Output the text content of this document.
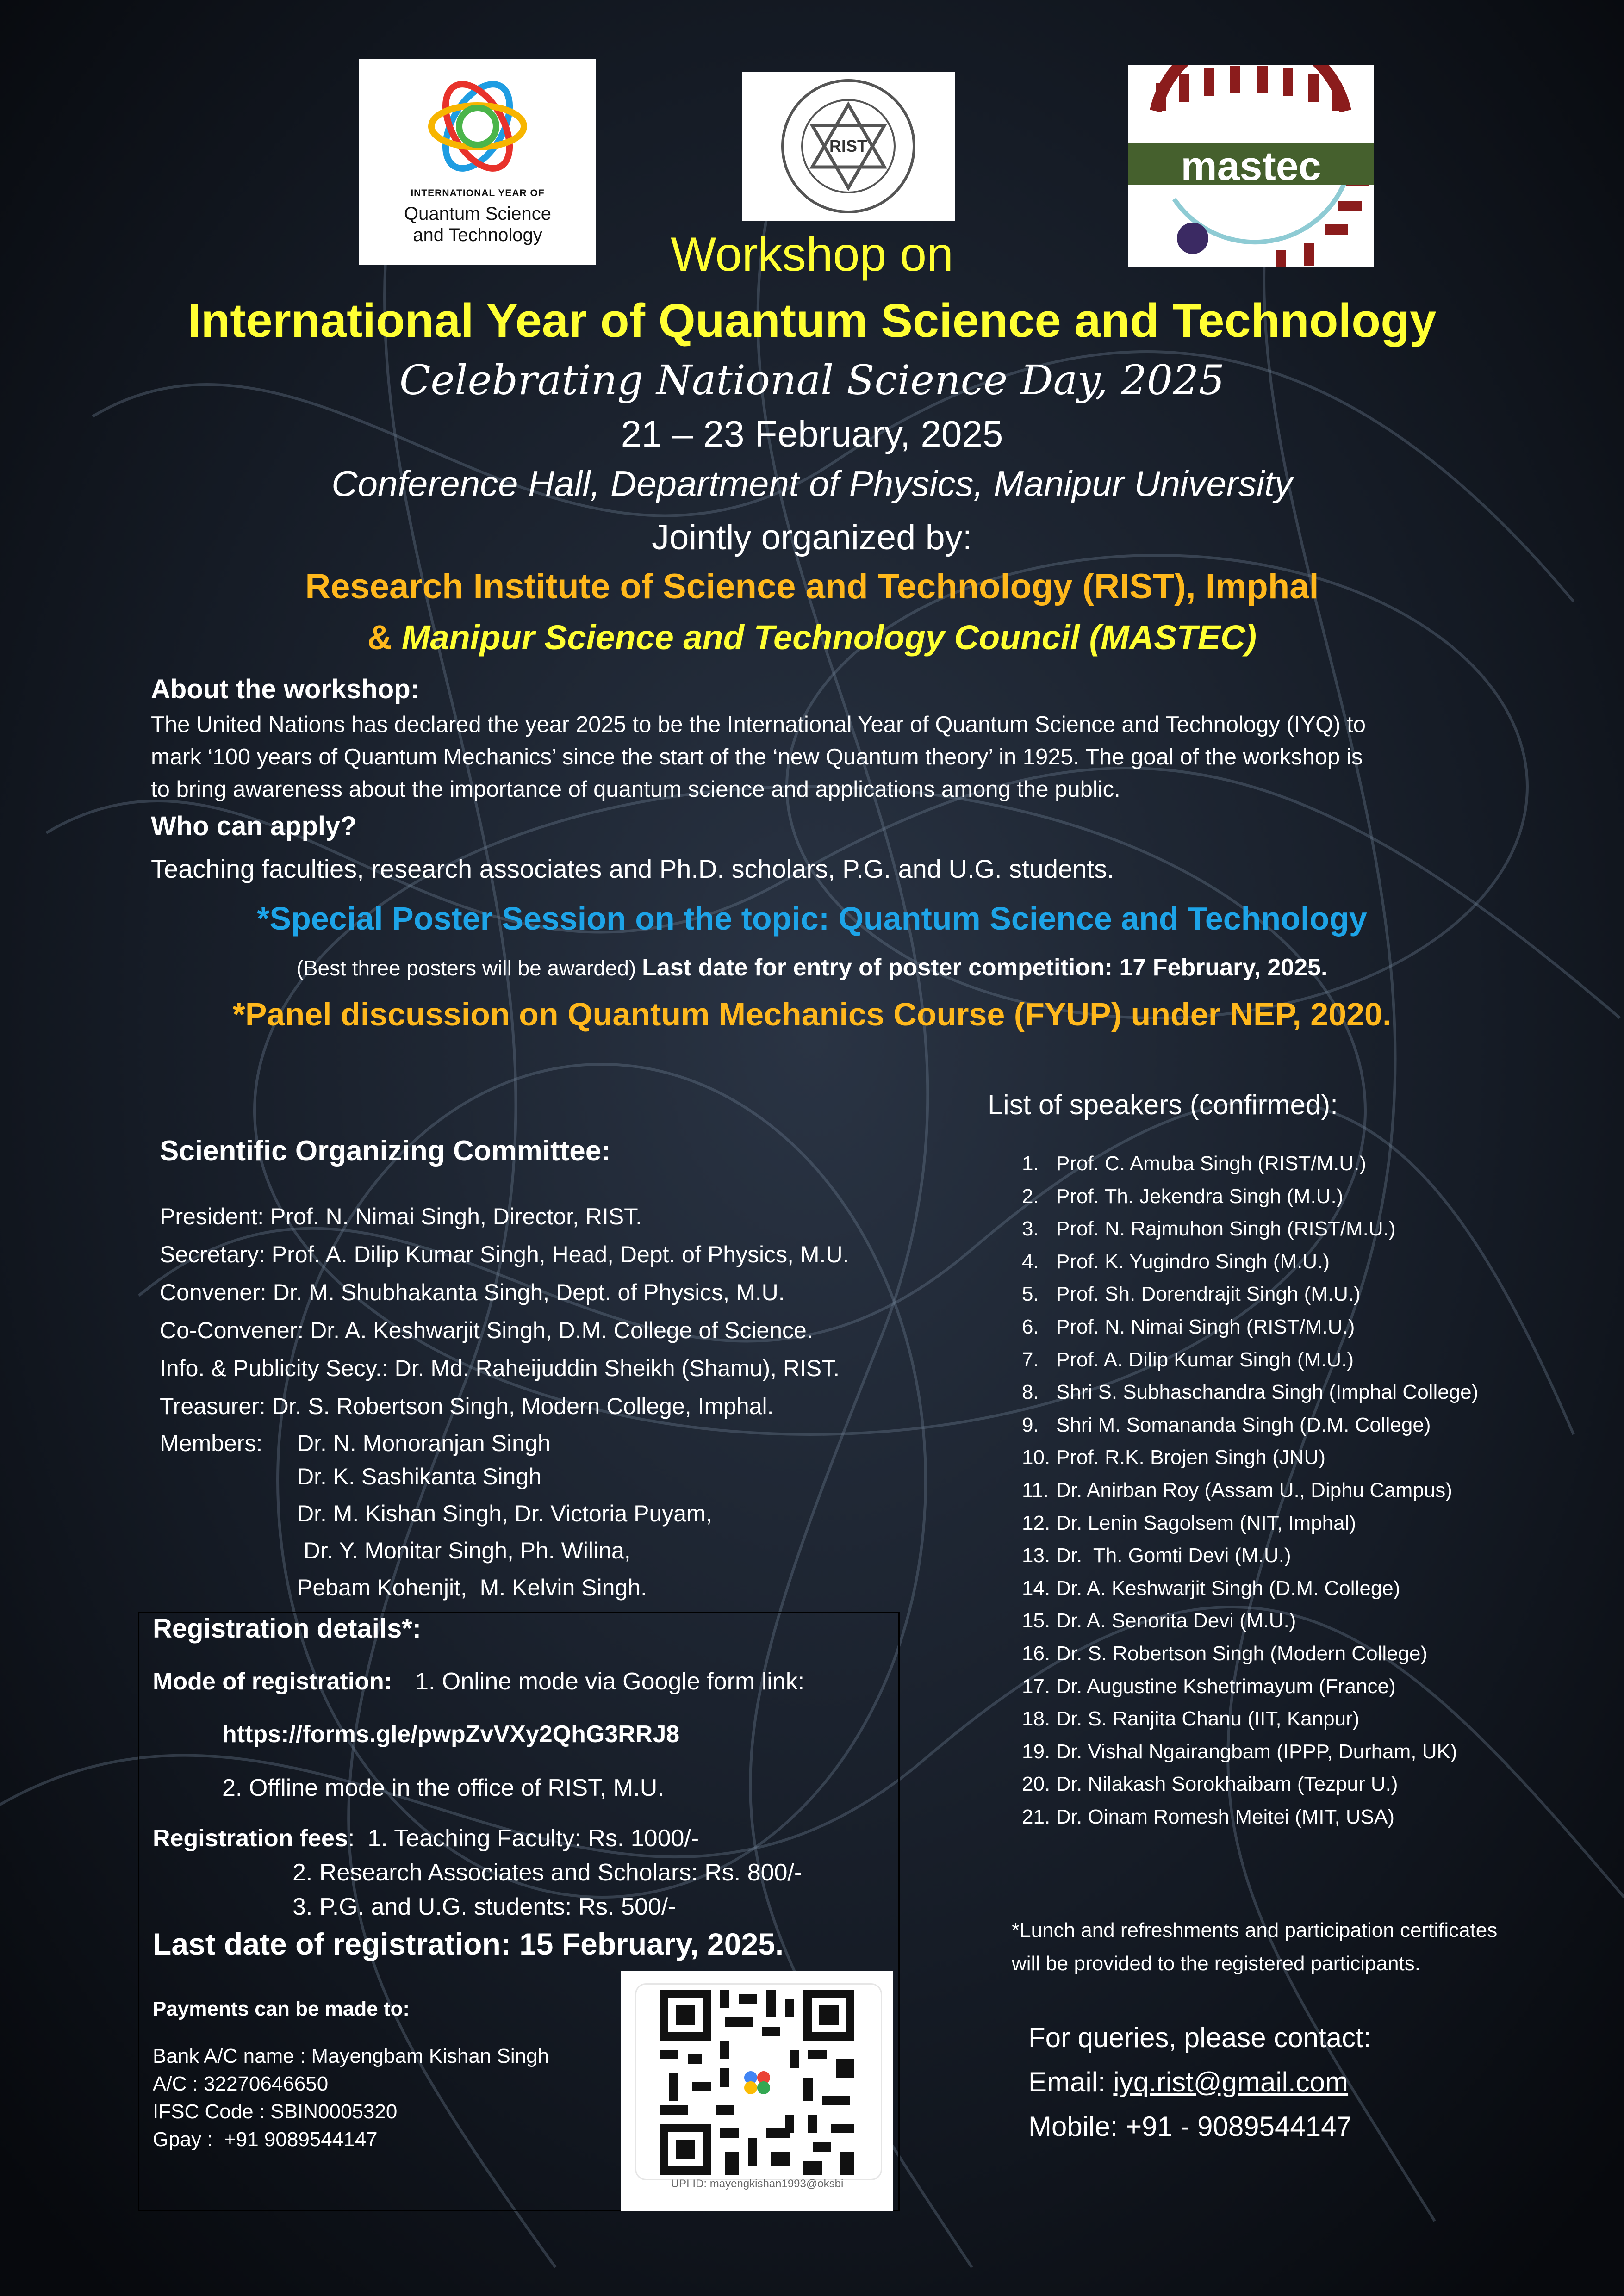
INTERNATIONAL YEAR OF
Quantum Science
and Technology
RIST	mastec
Workshop on
International Year of Quantum Science and Technology
Celebrating National Science Day, 2025
21 – 23 February, 2025
Conference Hall, Department of Physics, Manipur University
Jointly organized by:
Research Institute of Science and Technology (RIST), Imphal
& Manipur Science and Technology Council (MASTEC)
About the workshop:
The United Nations has declared the year 2025 to be the International Year of Quantum Science and Technology (IYQ) to
mark ‘100 years of Quantum Mechanics’ since the start of the ‘new Quantum theory’ in 1925. The goal of the workshop is
to bring awareness about the importance of quantum science and applications among the public.
Who can apply?
Teaching faculties, research associates and Ph.D. scholars, P.G. and U.G. students.
*Special Poster Session on the topic: Quantum Science and Technology
(Best three posters will be awarded) Last date for entry of poster competition: 17 February, 2025.
*Panel discussion on Quantum Mechanics Course (FYUP) under NEP, 2020.
Scientific Organizing Committee:
President: Prof. N. Nimai Singh, Director, RIST.
Secretary: Prof. A. Dilip Kumar Singh, Head, Dept. of Physics, M.U.
Convener: Dr. M. Shubhakanta Singh, Dept. of Physics, M.U.
Co-Convener: Dr. A. Keshwarjit Singh, D.M. College of Science.
Info. & Publicity Secy.: Dr. Md. Raheijuddin Sheikh (Shamu), RIST.
Treasurer: Dr. S. Robertson Singh, Modern College, Imphal.
Members: Dr. N. Monoranjan Singh
Dr. K. Sashikanta Singh
Dr. M. Kishan Singh, Dr. Victoria Puyam,
Dr. Y. Monitar Singh, Ph. Wilina,
Pebam Kohenjit,  M. Kelvin Singh.
List of speakers (confirmed):
1. Prof. C. Amuba Singh (RIST/M.U.)
2. Prof. Th. Jekendra Singh (M.U.)
3. Prof. N. Rajmuhon Singh (RIST/M.U.)
4. Prof. K. Yugindro Singh (M.U.)
5. Prof. Sh. Dorendrajit Singh (M.U.)
6. Prof. N. Nimai Singh (RIST/M.U.)
7. Prof. A. Dilip Kumar Singh (M.U.)
8. Shri S. Subhaschandra Singh (Imphal College)
9. Shri M. Somananda Singh (D.M. College)
10. Prof. R.K. Brojen Singh (JNU)
11. Dr. Anirban Roy (Assam U., Diphu Campus)
12. Dr. Lenin Sagolsem (NIT, Imphal)
13. Dr.  Th. Gomti Devi (M.U.)
14. Dr. A. Keshwarjit Singh (D.M. College)
15. Dr. A. Senorita Devi (M.U.)
16. Dr. S. Robertson Singh (Modern College)
17. Dr. Augustine Kshetrimayum (France)
18. Dr. S. Ranjita Chanu (IIT, Kanpur)
19. Dr. Vishal Ngairangbam (IPPP, Durham, UK)
20. Dr. Nilakash Sorokhaibam (Tezpur U.)
21. Dr. Oinam Romesh Meitei (MIT, USA)
Registration details*:
Mode of registration: 1. Online mode via Google form link:
https://forms.gle/pwpZvVXy2QhG3RRJ8
2. Offline mode in the office of RIST, M.U.
Registration fees: 1. Teaching Faculty: Rs. 1000/-
2. Research Associates and Scholars: Rs. 800/-
3. P.G. and U.G. students: Rs. 500/-
Last date of registration: 15 February, 2025.
Payments can be made to:
Bank A/C name : Mayengbam Kishan Singh
A/C : 32270646650
IFSC Code : SBIN0005320
Gpay :  +91 9089544147
UPI ID: mayengkishan1993@oksbi
*Lunch and refreshments and participation certificates
will be provided to the registered participants.
For queries, please contact:
Email: iyq.rist@gmail.com
Mobile: +91 - 9089544147
